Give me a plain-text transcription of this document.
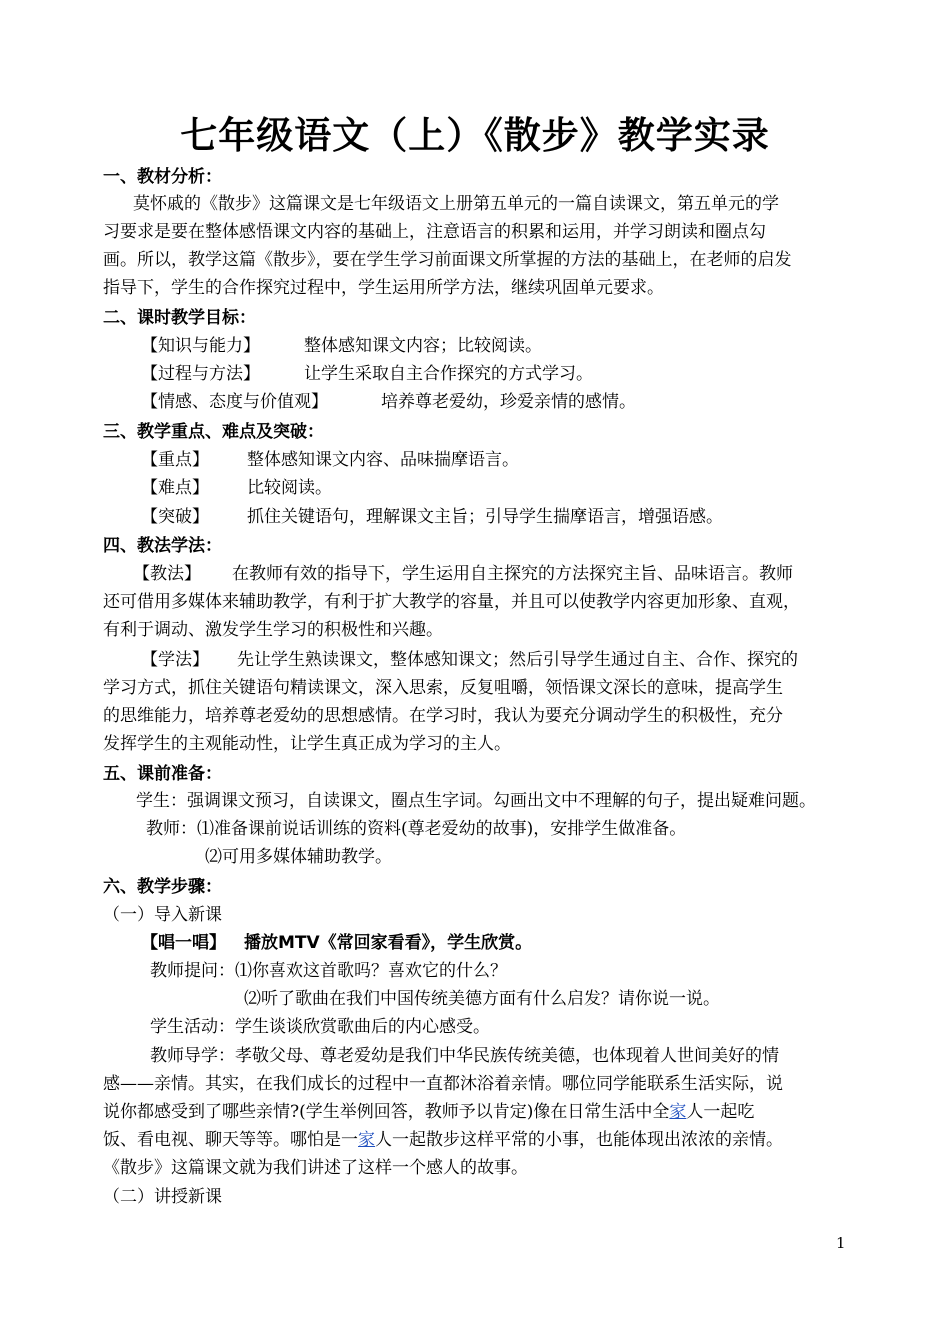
七年级语文（上）《散步》教学实录
一、教材分析：
莫怀戚的《散步》这篇课文是七年级语文上册第五单元的一篇自读课文，第五单元的学
习要求是要在整体感悟课文内容的基础上，注意语言的积累和运用，并学习朗读和圈点勾
画。所以，教学这篇《散步》，要在学生学习前面课文所掌握的方法的基础上，在老师的启发
指导下，学生的合作探究过程中，学生运用所学方法，继续巩固单元要求。
二、课时教学目标：
【知识与能力】	整体感知课文内容；比较阅读。
【过程与方法】	让学生采取自主合作探究的方式学习。
【情感、态度与价值观】	培养尊老爱幼，珍爱亲情的感情。
三、教学重点、难点及突破：
【重点】 整体感知课文内容、品味揣摩语言。
【难点】 比较阅读。
【突破】 抓住关键语句，理解课文主旨；引导学生揣摩语言，增强语感。
四、教法学法：
【教法】 在教师有效的指导下，学生运用自主探究的方法探究主旨、品味语言。教师
还可借用多媒体来辅助教学，有利于扩大教学的容量，并且可以使教学内容更加形象、直观，
有利于调动、激发学生学习的积极性和兴趣。
【学法】 先让学生熟读课文，整体感知课文；然后引导学生通过自主、合作、探究的
学习方式，抓住关键语句精读课文，深入思索，反复咀嚼，领悟课文深长的意味，提高学生
的思维能力，培养尊老爱幼的思想感情。在学习时，我认为要充分调动学生的积极性，充分
发挥学生的主观能动性，让学生真正成为学习的主人。
五、课前准备：
学生：强调课文预习，自读课文，圈点生字词。勾画出文中不理解的句子，提出疑难问题。
教师：⑴准备课前说话训练的资料(尊老爱幼的故事)，安排学生做准备。
⑵可用多媒体辅助教学。
六、教学步骤：
（一）导入新课
【唱一唱】 播放MTV《常回家看看》，学生欣赏。
教师提问：⑴你喜欢这首歌吗？喜欢它的什么？
⑵听了歌曲在我们中国传统美德方面有什么启发？请你说一说。
学生活动：学生谈谈欣赏歌曲后的内心感受。
教师导学：孝敬父母、尊老爱幼是我们中华民族传统美德，也体现着人世间美好的情
感——亲情。其实，在我们成长的过程中一直都沐浴着亲情。哪位同学能联系生活实际，说
说你都感受到了哪些亲情?(学生举例回答，教师予以肯定)像在日常生活中全家人一起吃
饭、看电视、聊天等等。哪怕是一家人一起散步这样平常的小事，也能体现出浓浓的亲情。
《散步》这篇课文就为我们讲述了这样一个感人的故事。
（二）讲授新课
1
